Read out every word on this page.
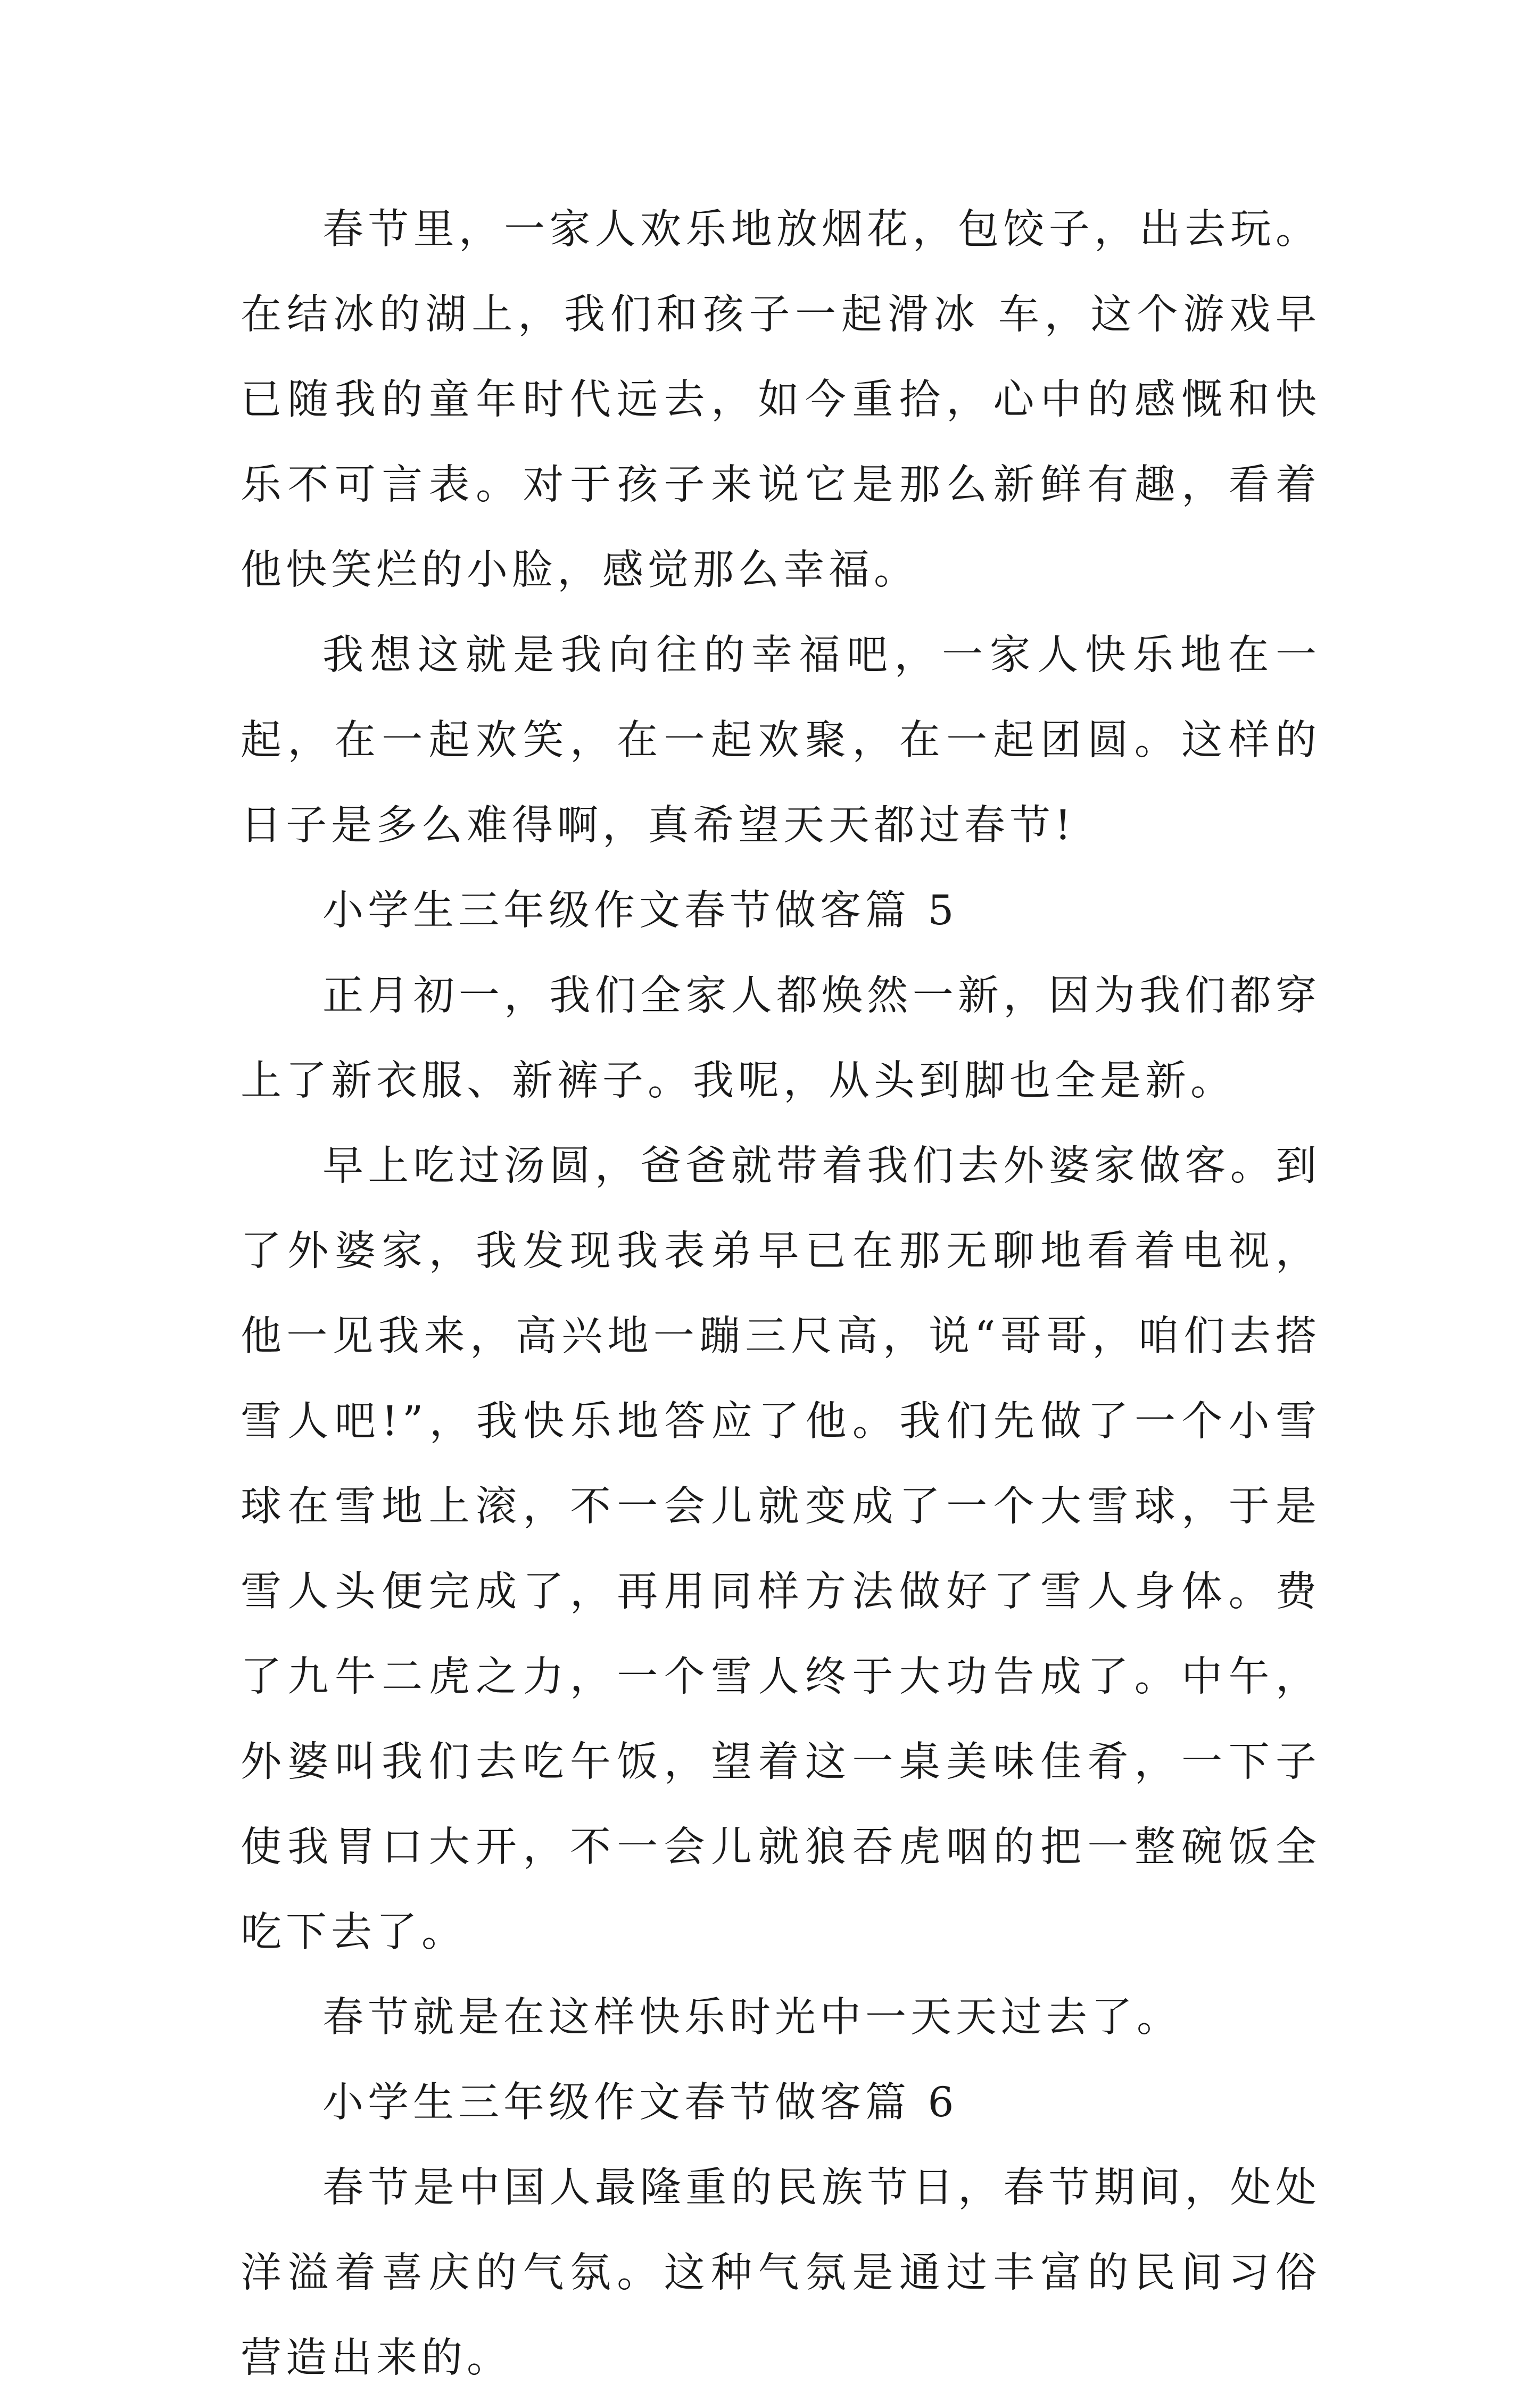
春节里，一家人欢乐地放烟花，包饺子，出去玩。在结冰的湖上，我们和孩子一起滑冰 车，这个游戏早已随我的童年时代远去，如今重拾，心中的感慨和快乐不可言表。对于孩子来说它是那么新鲜有趣，看着他快笑烂的小脸，感觉那么幸福。

我想这就是我向往的幸福吧，一家人快乐地在一起，在一起欢笑，在一起欢聚，在一起团圆。这样的日子是多么难得啊，真希望天天都过春节!

小学生三年级作文春节做客篇 5

正月初一，我们全家人都焕然一新，因为我们都穿上了新衣服、新裤子。我呢，从头到脚也全是新。

早上吃过汤圆，爸爸就带着我们去外婆家做客。到了外婆家，我发现我表弟早已在那无聊地看着电视，他一见我来，高兴地一蹦三尺高，说“哥哥，咱们去搭雪人吧!”，我快乐地答应了他。我们先做了一个小雪球在雪地上滚，不一会儿就变成了一个大雪球，于是雪人头便完成了，再用同样方法做好了雪人身体。费了九牛二虎之力，一个雪人终于大功告成了。中午，外婆叫我们去吃午饭，望着这一桌美味佳肴，一下子使我胃口大开，不一会儿就狼吞虎咽的把一整碗饭全吃下去了。

春节就是在这样快乐时光中一天天过去了。

小学生三年级作文春节做客篇 6

春节是中国人最隆重的民族节日，春节期间，处处洋溢着喜庆的气氛。这种气氛是通过丰富的民间习俗营造出来的。
